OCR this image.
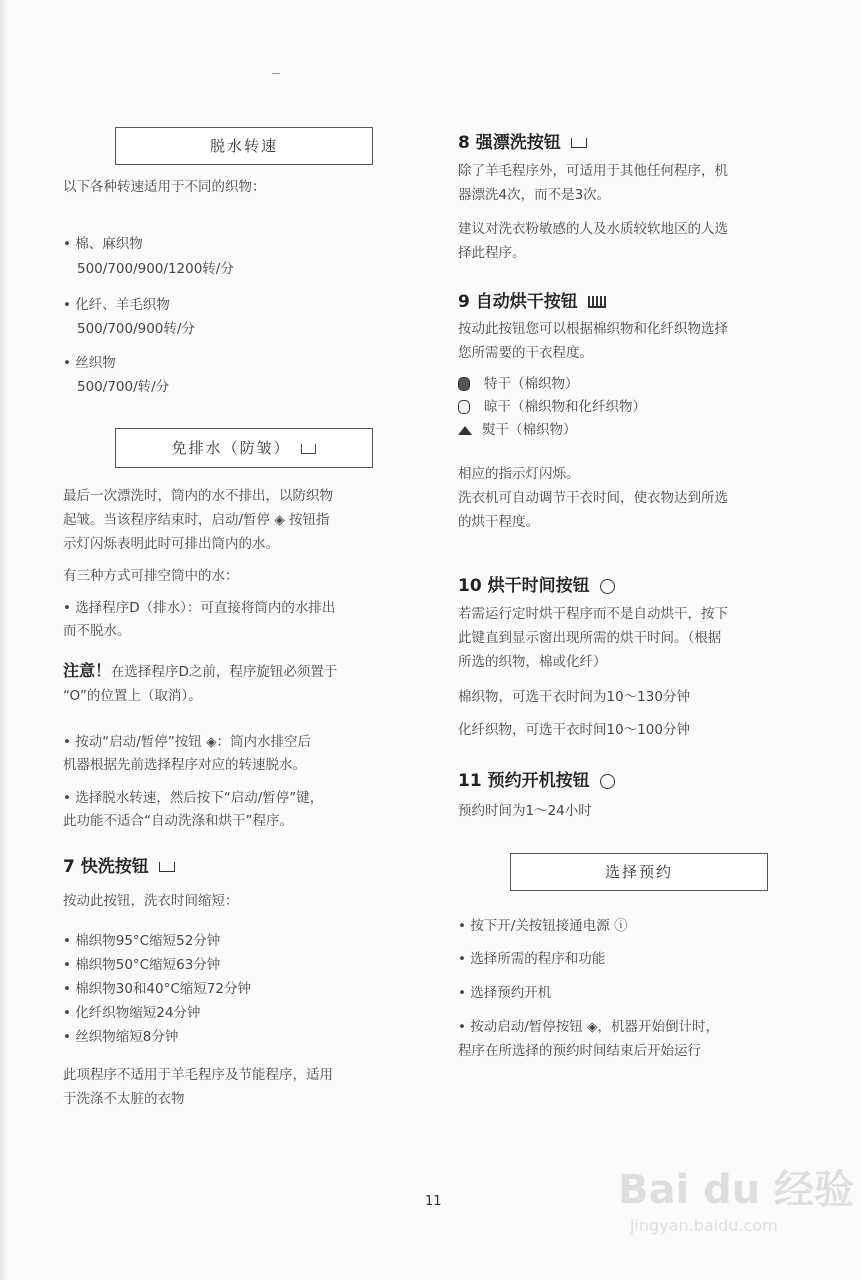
脱水转速
以下各种转速适用于不同的织物：
• 棉、麻织物
500/700/900/1200转/分
• 化纤、羊毛织物
500/700/900转/分
• 丝织物
500/700/转/分
免排水（防皱）
最后一次漂洗时，筒内的水不排出，以防织物
起皱。当该程序结束时，启动/暂停 ◈ 按钮指
示灯闪烁表明此时可排出筒内的水。
有三种方式可排空筒中的水：
• 选择程序D（排水）：可直接将筒内的水排出
而不脱水。
注意！在选择程序D之前，程序旋钮必须置于
“O”的位置上（取消）。
• 按动“启动/暂停”按钮 ◈：筒内水排空后
机器根据先前选择程序对应的转速脱水。
• 选择脱水转速，然后按下“启动/暂停”键，
此功能不适合“自动洗涤和烘干”程序。
7 快洗按钮
按动此按钮，洗衣时间缩短：
• 棉织物95°C缩短52分钟
• 棉织物50°C缩短63分钟
• 棉织物30和40°C缩短72分钟
• 化纤织物缩短24分钟
• 丝织物缩短8分钟
此项程序不适用于羊毛程序及节能程序，适用
于洗涤不太脏的衣物
8 强漂洗按钮
除了羊毛程序外，可适用于其他任何程序，机
器漂洗4次，而不是3次。
建议对洗衣粉敏感的人及水质较软地区的人选
择此程序。
9 自动烘干按钮
按动此按钮您可以根据棉织物和化纤织物选择
您所需要的干衣程度。
特干（棉织物）
晾干（棉织物和化纤织物）
熨干（棉织物）
相应的指示灯闪烁。
洗衣机可自动调节干衣时间，使衣物达到所选
的烘干程度。
10 烘干时间按钮
若需运行定时烘干程序而不是自动烘干，按下
此键直到显示窗出现所需的烘干时间。（根据
所选的织物，棉或化纤）
棉织物，可选干衣时间为10～130分钟
化纤织物，可选干衣时间10～100分钟
11 预约开机按钮
预约时间为1～24小时
选择预约
• 按下开/关按钮接通电源 ⓘ
• 选择所需的程序和功能
• 选择预约开机
• 按动启动/暂停按钮 ◈，机器开始倒计时，
程序在所选择的预约时间结束后开始运行
11	Bai du 经验
jingyan.baidu.com
